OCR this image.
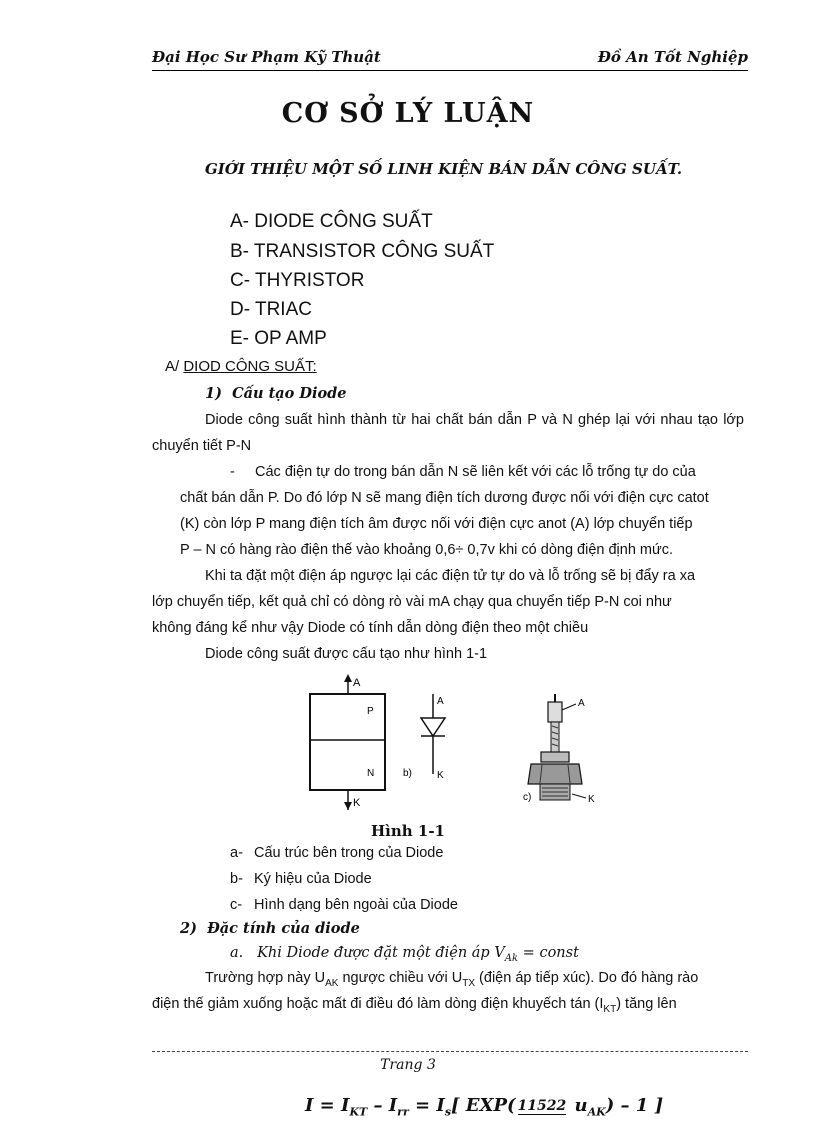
Đại Học Sư Phạm Kỹ Thuật	Đồ An Tốt Nghiệp
CƠ SỞ LÝ LUẬN
GIỚI THIỆU MỘT SỐ LINH KIỆN BÁN DẪN CÔNG SUẤT.
A- DIODE CÔNG SUẤT
B- TRANSISTOR CÔNG SUẤT
C- THYRISTOR
D- TRIAC
E- OP AMP
A/ DIOD CÔNG SUẤT:
1) Cấu tạo Diode
Diode công suất hình thành từ hai chất bán dẫn P và N ghép lại với nhau tạo lớp chuyển tiết P-N
- Các điện tự do trong bán dẫn N sẽ liên kết với các lỗ trống tự do của
chất bán dẫn P. Do đó lớp N sẽ mang điện tích dương được nối với điện cực catot
(K) còn lớp P mang điện tích âm được nối với điện cực anot (A) lớp chuyển tiếp
P – N có hàng rào điện thế vào khoảng 0,6÷ 0,7v khi có dòng điện định mức.
Khi ta đặt một điện áp ngược lại các điện tử tự do và lỗ trống sẽ bị đẩy ra xa
lớp chuyển tiếp, kết quả chỉ có dòng rò vài mA chạy qua chuyển tiếp P-N coi như
không đáng kể như vậy Diode có tính dẫn dòng điện theo một chiều
Diode công suất được cấu tạo như hình 1-1
A
P
N
K
A
K
b)
A
K
c)
Hình 1-1
a- Cấu trúc bên trong của Diode
b- Ký hiệu của Diode
c- Hình dạng bên ngoài của Diode
2) Đặc tính của diode
a. Khi Diode được đặt một điện áp $V_{Ak}$ = const
Trường hợp này $U_{AK}$ ngược chiều với $U_{TX}$ (điện áp tiếp xúc). Do đó hàng rào
điện thế giảm xuống hoặc mất đi điều đó làm dòng điện khuyếch tán $(I_{KT})$ tăng lên
Trang 3
$I = I_{KT} - I_{rr} = I_s$[ EXP( 11522 $u_{AK}) - 1$ ]
